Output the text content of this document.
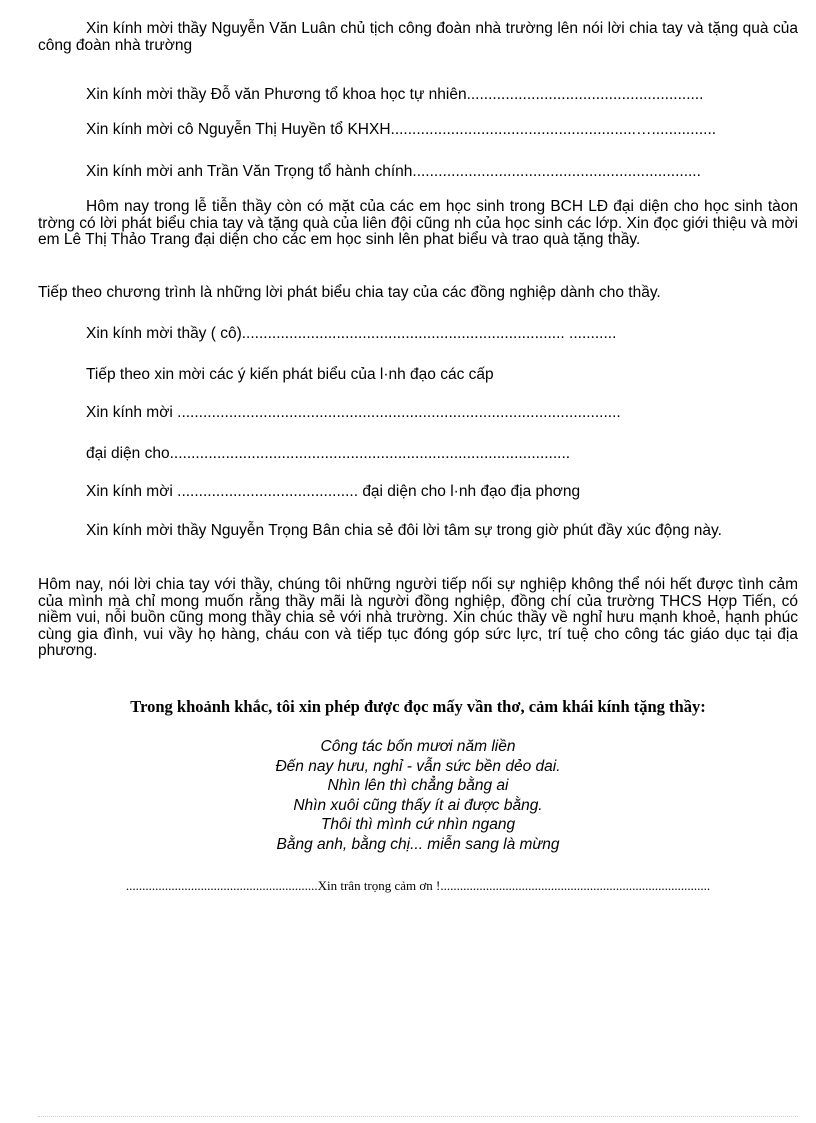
Xin kính mời thầy Nguyễn Văn Luân chủ tịch công đoàn nhà trường lên nói lời chia tay và tặng quà của công đoàn nhà trường

Xin kính mời thầy Đỗ văn Phương tổ khoa học tự nhiên.......................................................
Xin kính mời cô Nguyễn Thị Huyền tổ KHXH.........................................................…...............
Xin kính mời anh Trần Văn Trọng tổ hành chính...................................................................

Hôm nay trong lễ tiễn thầy còn có mặt của các em học sinh trong BCH LĐ đại diện cho học sinh tàon trờng có lời phát biểu chia tay và tặng quà của liên đội cũng nh của học sinh các lớp. Xin đọc giới thiệu và mời em Lê Thị Thảo Trang đại diện cho các em học sinh lên phat biểu và trao quà tặng thầy.

Tiếp theo chương trình là những lời phát biểu chia tay của các đồng nghiệp dành cho thầy.
Xin kính mời thầy ( cô)........................................................................... ...........
Tiếp theo xin mời các ý kiến phát biểu của l·nh đạo các cấp
Xin kính mời .......................................................................................................
đại diện cho.............................................................................................
Xin kính mời .......................................... đại diện cho l·nh đạo địa phơng

Xin kính mời thầy Nguyễn Trọng Bân chia sẻ đôi lời tâm sự trong giờ phút đầy xúc động này.

Hôm nay, nói lời chia tay với thầy, chúng tôi những người tiếp nối sự nghiệp không thể nói hết được tình cảm của mình mà chỉ mong muốn rằng thầy mãi là người đồng nghiệp, đồng chí của trường THCS Hợp Tiến, có niềm vui, nỗi buồn cũng mong thầy chia sẻ với nhà trường. Xin chúc thầy về nghỉ hưu mạnh khoẻ, hạnh phúc cùng gia đình, vui vầy họ hàng, cháu con và tiếp tục đóng góp sức lực, trí tuệ cho công tác giáo dục tại địa phương.

Trong khoảnh khắc, tôi xin phép được đọc mấy vần thơ, cảm khái kính tặng thầy:
Công tác bốn mươi năm liền
Đến nay hưu, nghỉ - vẫn sức bền dẻo dai.
Nhìn lên thì chẳng bằng ai
Nhìn xuôi cũng thấy ít ai được bằng.
Thôi thì mình cứ nhìn ngang
Bằng anh, bằng chị... miễn sang là mừng
...........................................................Xin trân trọng cảm ơn !...................................................................................
